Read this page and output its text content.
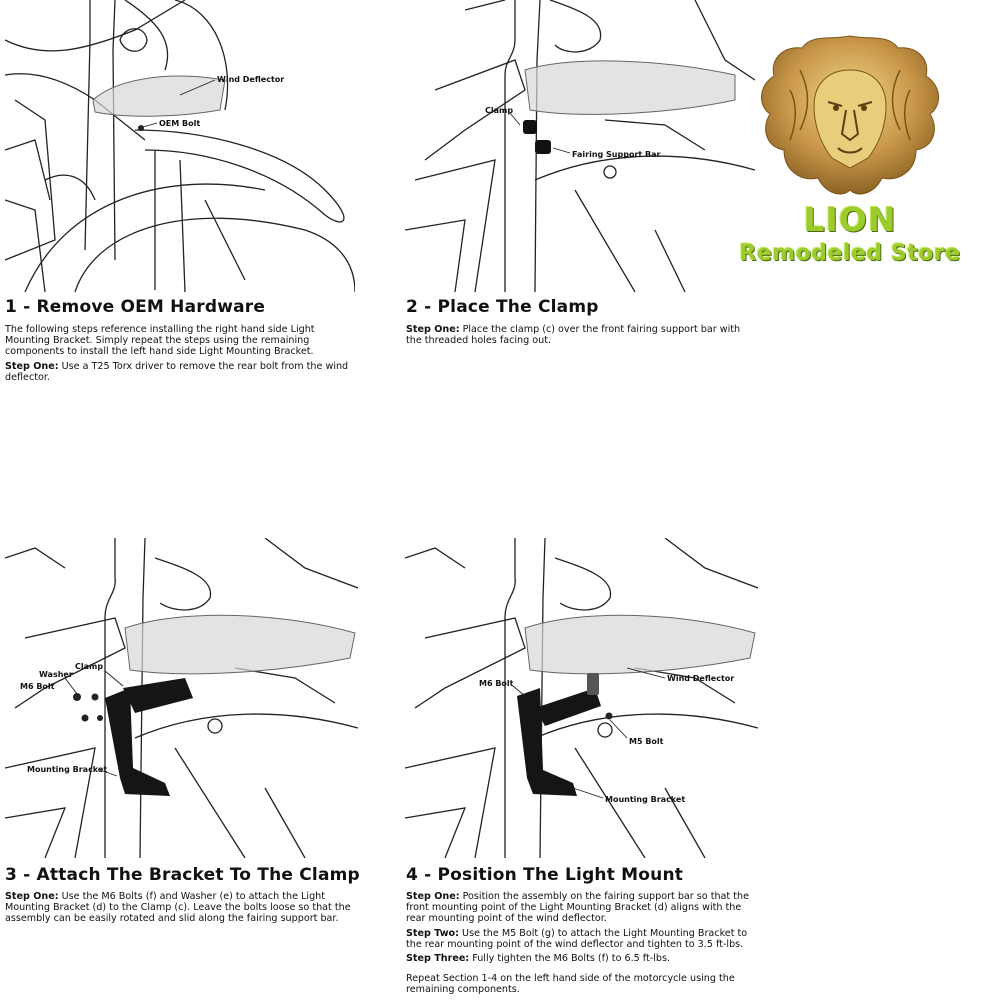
Wind Deflector
OEM Bolt
1 - Remove OEM Hardware

The following steps reference installing the right hand side Light Mounting Bracket. Simply repeat the steps using the remaining components to install the left hand side Light Mounting Bracket.

Step One: Use a T25 Torx driver to remove the rear bolt from the wind deflector.

Clamp
Fairing Support Bar
2 - Place The Clamp

Step One: Place the clamp (c) over the front fairing support bar with the threaded holes facing out.

LION
Remodeled Store
Washer
M6 Bolt
Clamp
Mounting Bracket
3 - Attach The Bracket To The Clamp

Step One: Use the M6 Bolts (f) and Washer (e) to attach the Light Mounting Bracket (d) to the Clamp (c). Leave the bolts loose so that the assembly can be easily rotated and slid along the fairing support bar.

M6 Bolt
Wind Deflector
M5 Bolt
Mounting Bracket
4 - Position The Light Mount

Step One: Position the assembly on the fairing support bar so that the front mounting point of the Light Mounting Bracket (d) aligns with the rear mounting point of the wind deflector.

Step Two: Use the M5 Bolt (g) to attach the Light Mounting Bracket to the rear mounting point of the wind deflector and tighten to 3.5 ft-lbs.

Step Three: Fully tighten the M6 Bolts (f) to 6.5 ft-lbs.

Repeat Section 1-4 on the left hand side of the motorcycle using the remaining components.
